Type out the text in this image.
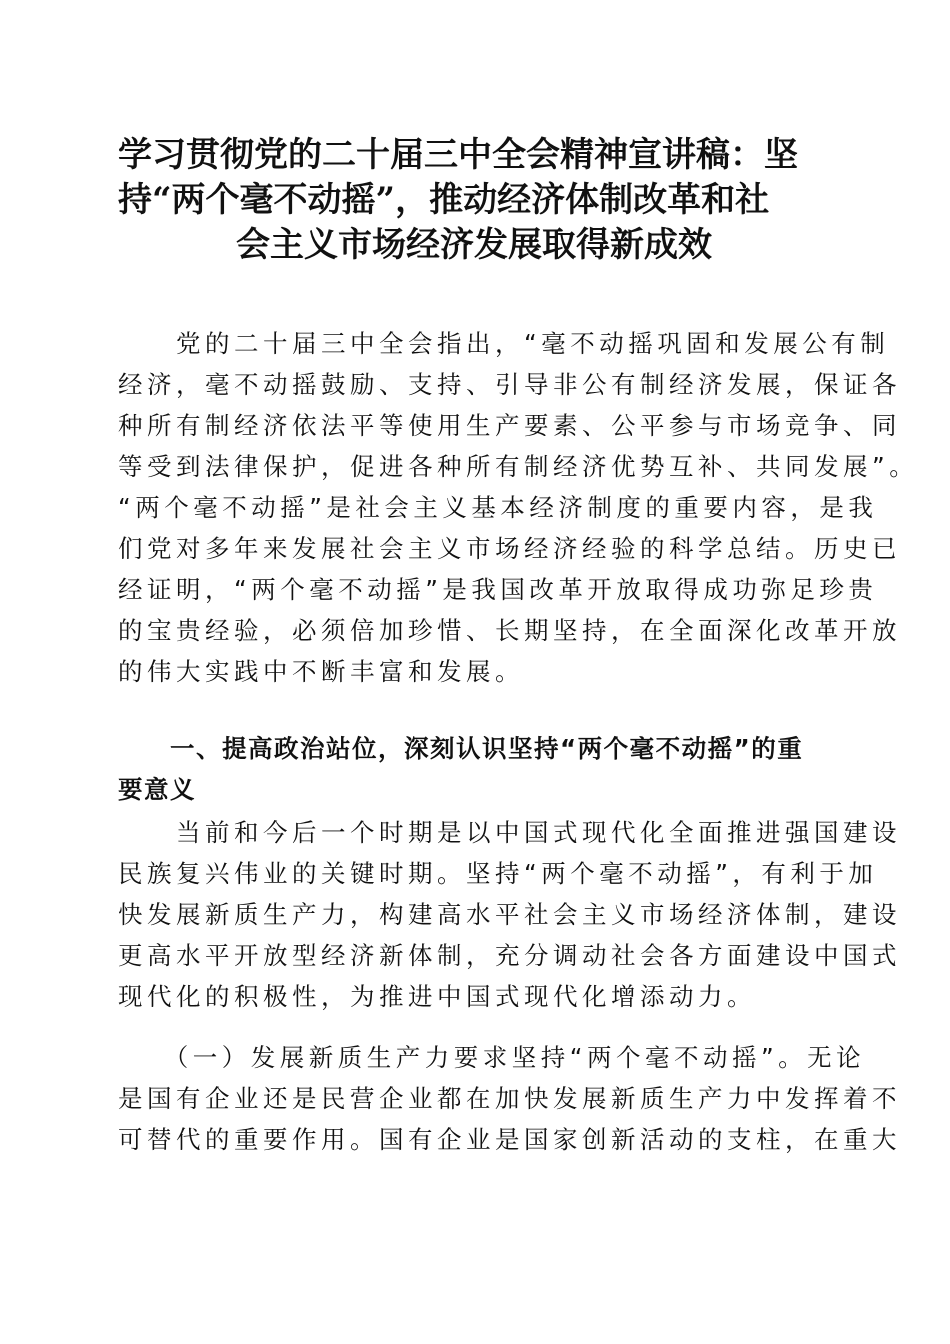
学习贯彻党的二十届三中全会精神宣讲稿：坚
持“两个毫不动摇”，推动经济体制改革和社
会主义市场经济发展取得新成效

　　党的二十届三中全会指出，“毫不动摇巩固和发展公有制
经济，毫不动摇鼓励、支持、引导非公有制经济发展，保证各
种所有制经济依法平等使用生产要素、公平参与市场竞争、同
等受到法律保护，促进各种所有制经济优势互补、共同发展”。
“两个毫不动摇”是社会主义基本经济制度的重要内容，是我
们党对多年来发展社会主义市场经济经验的科学总结。历史已
经证明，“两个毫不动摇”是我国改革开放取得成功弥足珍贵
的宝贵经验，必须倍加珍惜、长期坚持，在全面深化改革开放
的伟大实践中不断丰富和发展。

　　一、提高政治站位，深刻认识坚持“两个毫不动摇”的重
要意义

　　当前和今后一个时期是以中国式现代化全面推进强国建设
民族复兴伟业的关键时期。坚持“两个毫不动摇”，有利于加
快发展新质生产力，构建高水平社会主义市场经济体制，建设
更高水平开放型经济新体制，充分调动社会各方面建设中国式
现代化的积极性，为推进中国式现代化增添动力。

　　（一）发展新质生产力要求坚持“两个毫不动摇”。无论
是国有企业还是民营企业都在加快发展新质生产力中发挥着不
可替代的重要作用。国有企业是国家创新活动的支柱，在重大
